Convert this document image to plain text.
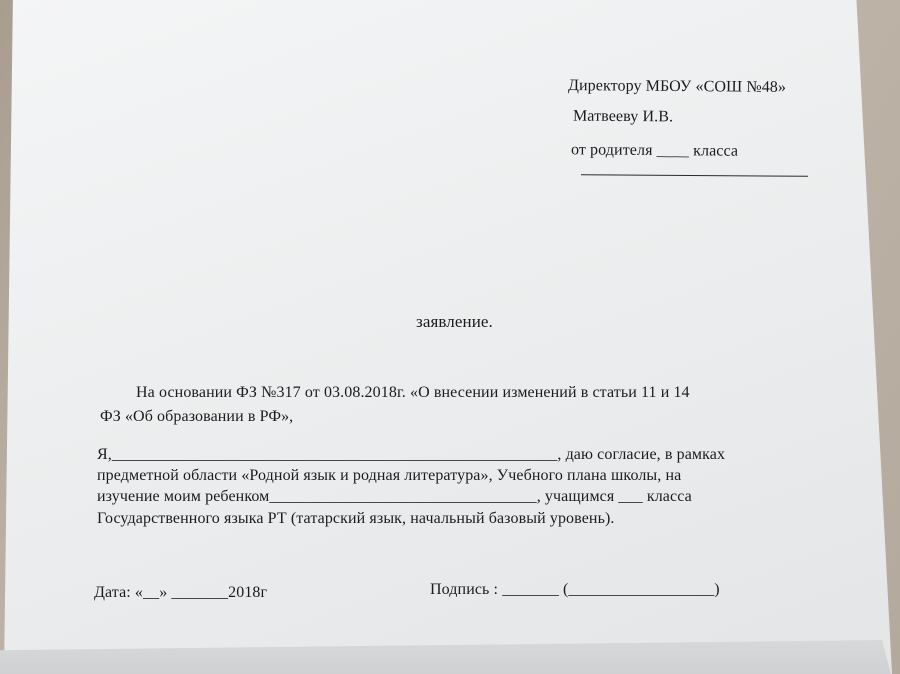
Директору МБОУ «СОШ №48»
Матвееву И.В.
от родителя ____ класса
заявление.
На основании ФЗ №317 от 03.08.2018г. «О внесении изменений в статьи 11 и 14
ФЗ «Об образовании в РФ»,
Я,_______________________________________________________, даю согласие, в рамках
предметной области «Родной язык и родная литература», Учебного плана школы, на
изучение моим ребенком_________________________________, учащимся ___ класса
Государственного языка РТ (татарский язык, начальный базовый уровень).
Дата: «__» _______2018г	Подпись : _______ (__________________)
